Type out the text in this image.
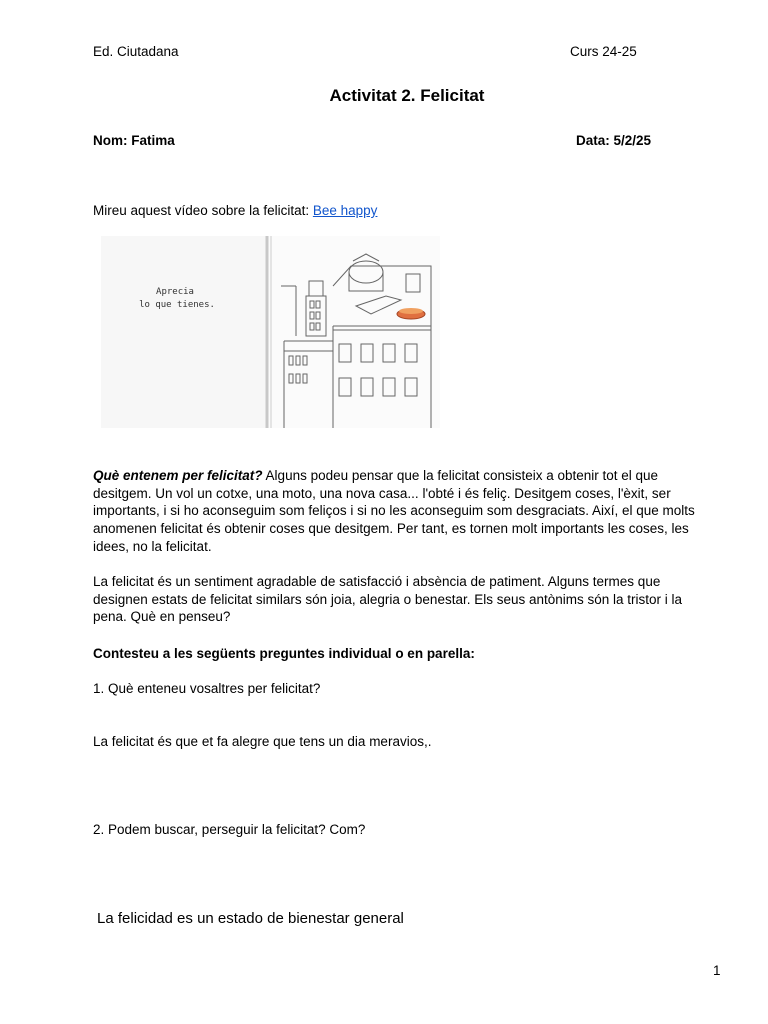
Ed. Ciutadana	Curs 24-25
Activitat 2. Felicitat
Nom: Fatima	Data: 5/2/25
Mireu aquest vídeo sobre la felicitat: Bee happy
Aprecia
lo que tienes.
Què entenem per felicitat? Alguns podeu pensar que la felicitat consisteix a obtenir tot el que desitgem. Un vol un cotxe, una moto, una nova casa... l'obté i és feliç. Desitgem coses, l'èxit, ser importants, i si ho aconseguim som feliços i si no les aconseguim som desgraciats. Així, el que molts anomenen felicitat és obtenir coses que desitgem. Per tant, es tornen molt importants les coses, les idees, no la felicitat.
La felicitat és un sentiment agradable de satisfacció i absència de patiment. Alguns termes que designen estats de felicitat similars són joia, alegria o benestar. Els seus antònims són la tristor i la pena. Què en penseu?
Contesteu a les següents preguntes individual o en parella:
1. Què enteneu vosaltres per felicitat?
La felicitat és que et fa alegre que tens un dia meravios,.
2. Podem buscar, perseguir la felicitat? Com?
La felicidad es un estado de bienestar general
1
